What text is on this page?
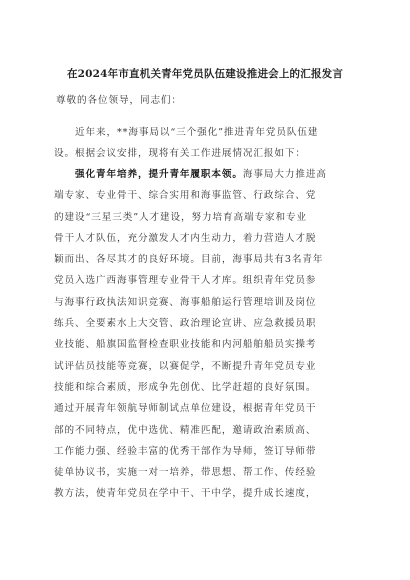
在2024年市直机关青年党员队伍建设推进会上的汇报发言
尊敬的各位领导，同志们：
　　近年来，**海事局以“三个强化”推进青年党员队伍建
设。根据会议安排，现将有关工作进展情况汇报如下：
　　强化青年培养，提升青年履职本领。海事局大力推进高
端专家、专业骨干、综合实用和海事监管、行政综合、党
的建设“三星三类”人才建设，努力培育高端专家和专业
骨干人才队伍，充分激发人才内生动力，着力营造人才脱
颖而出、各尽其才的良好环境。目前，海事局共有3名青年
党员入选广西海事管理专业骨干人才库。组织青年党员参
与海事行政执法知识竞赛、海事船舶运行管理培训及岗位
练兵、全要素水上大交管、政治理论宣讲、应急救援员职
业技能、船旗国监督检查职业技能和内河船舶船员实操考
试评估员技能等竞赛，以赛促学，不断提升青年党员专业
技能和综合素质，形成争先创优、比学赶超的良好氛围。
通过开展青年领航导师制试点单位建设，根据青年党员干
部的不同特点，优中选优、精准匹配，邀请政治素质高、
工作能力强、经验丰富的优秀干部作为导师，签订导师带
徒单协议书，实施一对一培养，带思想、帮工作、传经验
教方法，使青年党员在学中干、干中学，提升成长速度，
